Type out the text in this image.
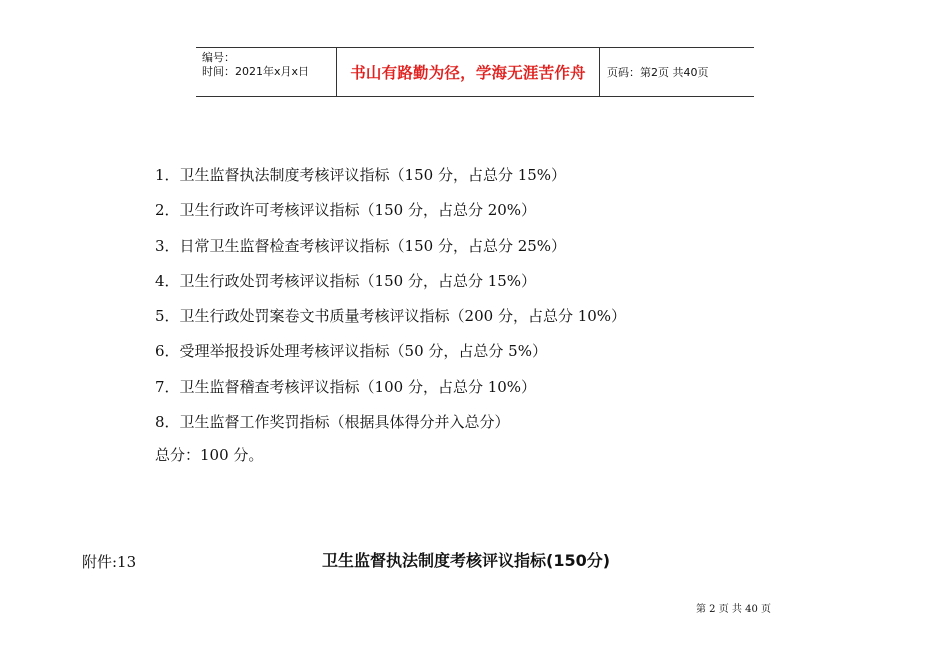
编号：
时间：2021年x月x日	书山有路勤为径，学海无涯苦作舟	页码：第2页 共40页
1．卫生监督执法制度考核评议指标（150 分，占总分 15%）
2．卫生行政许可考核评议指标（150 分，占总分 20%）
3．日常卫生监督检查考核评议指标（150 分，占总分 25%）
4．卫生行政处罚考核评议指标（150 分，占总分 15%）
5．卫生行政处罚案卷文书质量考核评议指标（200 分，占总分 10%）
6．受理举报投诉处理考核评议指标（50 分，占总分 5%）
7．卫生监督稽查考核评议指标（100 分，占总分 10%）
8．卫生监督工作奖罚指标（根据具体得分并入总分）
总分：100 分。
附件:13	卫生监督执法制度考核评议指标(150分)
第 2 页 共 40 页
